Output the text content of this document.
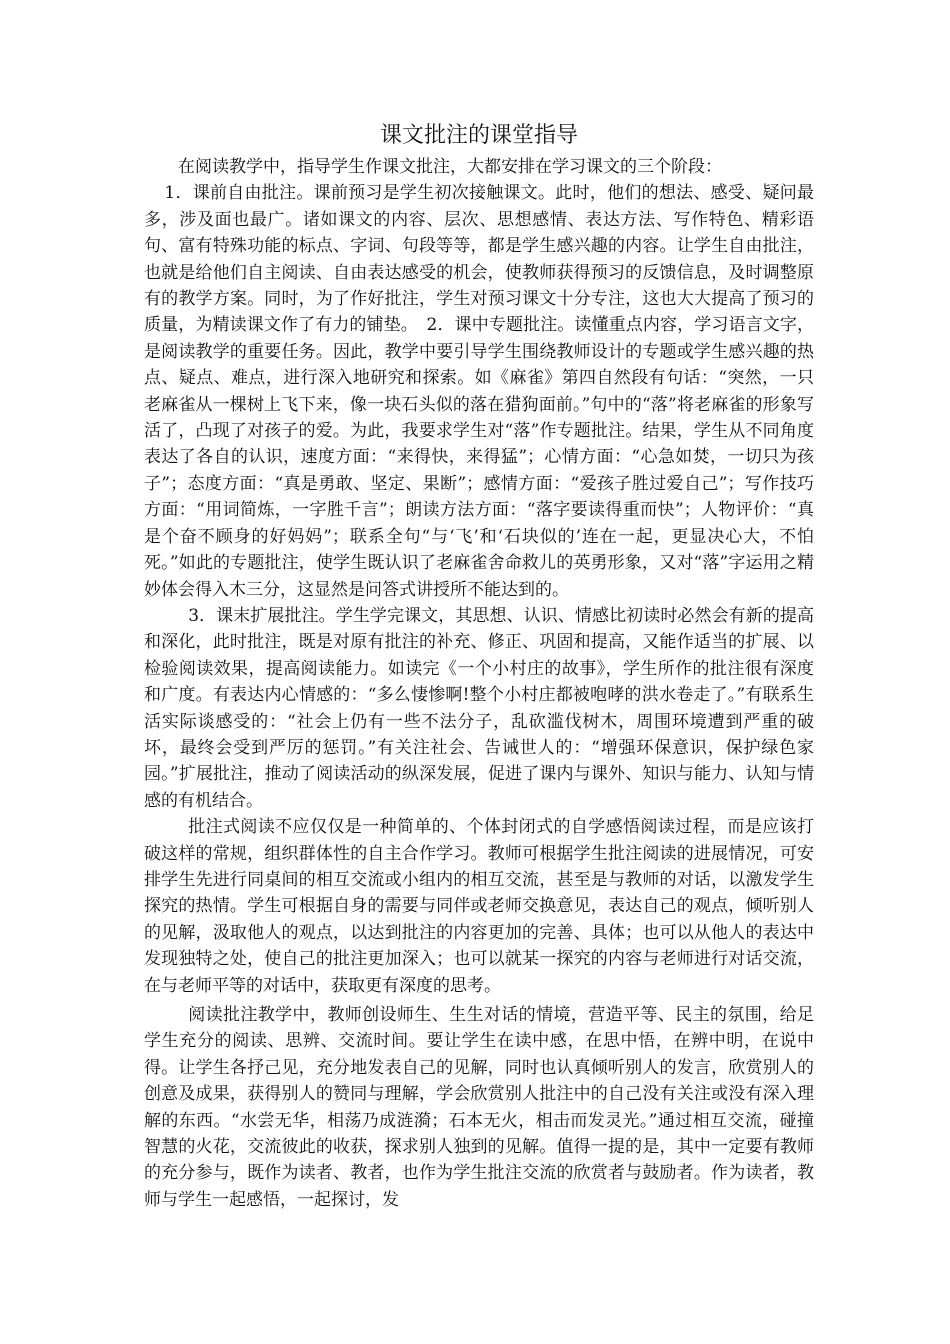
课文批注的课堂指导

在阅读教学中，指导学生作课文批注，大都安排在学习课文的三个阶段：

1．课前自由批注。课前预习是学生初次接触课文。此时，他们的想法、感受、疑问最多，涉及面也最广。诸如课文的内容、层次、思想感情、表达方法、写作特色、精彩语句、富有特殊功能的标点、字词、句段等等，都是学生感兴趣的内容。让学生自由批注，也就是给他们自主阅读、自由表达感受的机会，使教师获得预习的反馈信息，及时调整原有的教学方案。同时，为了作好批注，学生对预习课文十分专注，这也大大提高了预习的质量，为精读课文作了有力的铺垫。　2．课中专题批注。读懂重点内容，学习语言文字，是阅读教学的重要任务。因此，教学中要引导学生围绕教师设计的专题或学生感兴趣的热点、疑点、难点，进行深入地研究和探索。如《麻雀》第四自然段有句话：“突然，一只老麻雀从一棵树上飞下来，像一块石头似的落在猎狗面前。”句中的“落”将老麻雀的形象写活了，凸现了对孩子的爱。为此，我要求学生对“落”作专题批注。结果，学生从不同角度表达了各自的认识，速度方面：“来得快，来得猛”；心情方面：“心急如焚，一切只为孩子”；态度方面：“真是勇敢、坚定、果断”；感情方面：“爱孩子胜过爱自己”；写作技巧方面：“用词简炼，一字胜千言”；朗读方法方面：“落字要读得重而快”；人物评价：“真是个奋不顾身的好妈妈”；联系全句“与‘飞’和‘石块似的’连在一起，更显决心大，不怕死。”如此的专题批注，使学生既认识了老麻雀舍命救儿的英勇形象，又对“落”字运用之精妙体会得入木三分，这显然是问答式讲授所不能达到的。

3．课末扩展批注。学生学完课文，其思想、认识、情感比初读时必然会有新的提高和深化，此时批注，既是对原有批注的补充、修正、巩固和提高，又能作适当的扩展、以检验阅读效果，提高阅读能力。如读完《一个小村庄的故事》，学生所作的批注很有深度和广度。有表达内心情感的：“多么悽惨啊!整个小村庄都被咆哮的洪水卷走了。”有联系生活实际谈感受的：“社会上仍有一些不法分子，乱砍滥伐树木，周围环境遭到严重的破坏，最终会受到严厉的惩罚。”有关注社会、告诫世人的：“增强环保意识，保护绿色家园。”扩展批注，推动了阅读活动的纵深发展，促进了课内与课外、知识与能力、认知与情感的有机结合。

批注式阅读不应仅仅是一种简单的、个体封闭式的自学感悟阅读过程，而是应该打破这样的常规，组织群体性的自主合作学习。教师可根据学生批注阅读的进展情况，可安排学生先进行同桌间的相互交流或小组内的相互交流，甚至是与教师的对话，以激发学生探究的热情。学生可根据自身的需要与同伴或老师交换意见，表达自己的观点，倾听别人的见解，汲取他人的观点，以达到批注的内容更加的完善、具体；也可以从他人的表达中发现独特之处，使自己的批注更加深入；也可以就某一探究的内容与老师进行对话交流，在与老师平等的对话中，获取更有深度的思考。

阅读批注教学中，教师创设师生、生生对话的情境，营造平等、民主的氛围，给足学生充分的阅读、思辨、交流时间。要让学生在读中感，在思中悟，在辨中明，在说中得。让学生各抒己见，充分地发表自己的见解，同时也认真倾听别人的发言，欣赏别人的创意及成果，获得别人的赞同与理解，学会欣赏别人批注中的自己没有关注或没有深入理解的东西。“水尝无华，相荡乃成涟漪；石本无火，相击而发灵光。”通过相互交流，碰撞智慧的火花，交流彼此的收获，探求别人独到的见解。值得一提的是，其中一定要有教师的充分参与，既作为读者、教者，也作为学生批注交流的欣赏者与鼓励者。作为读者，教师与学生一起感悟，一起探讨，发
